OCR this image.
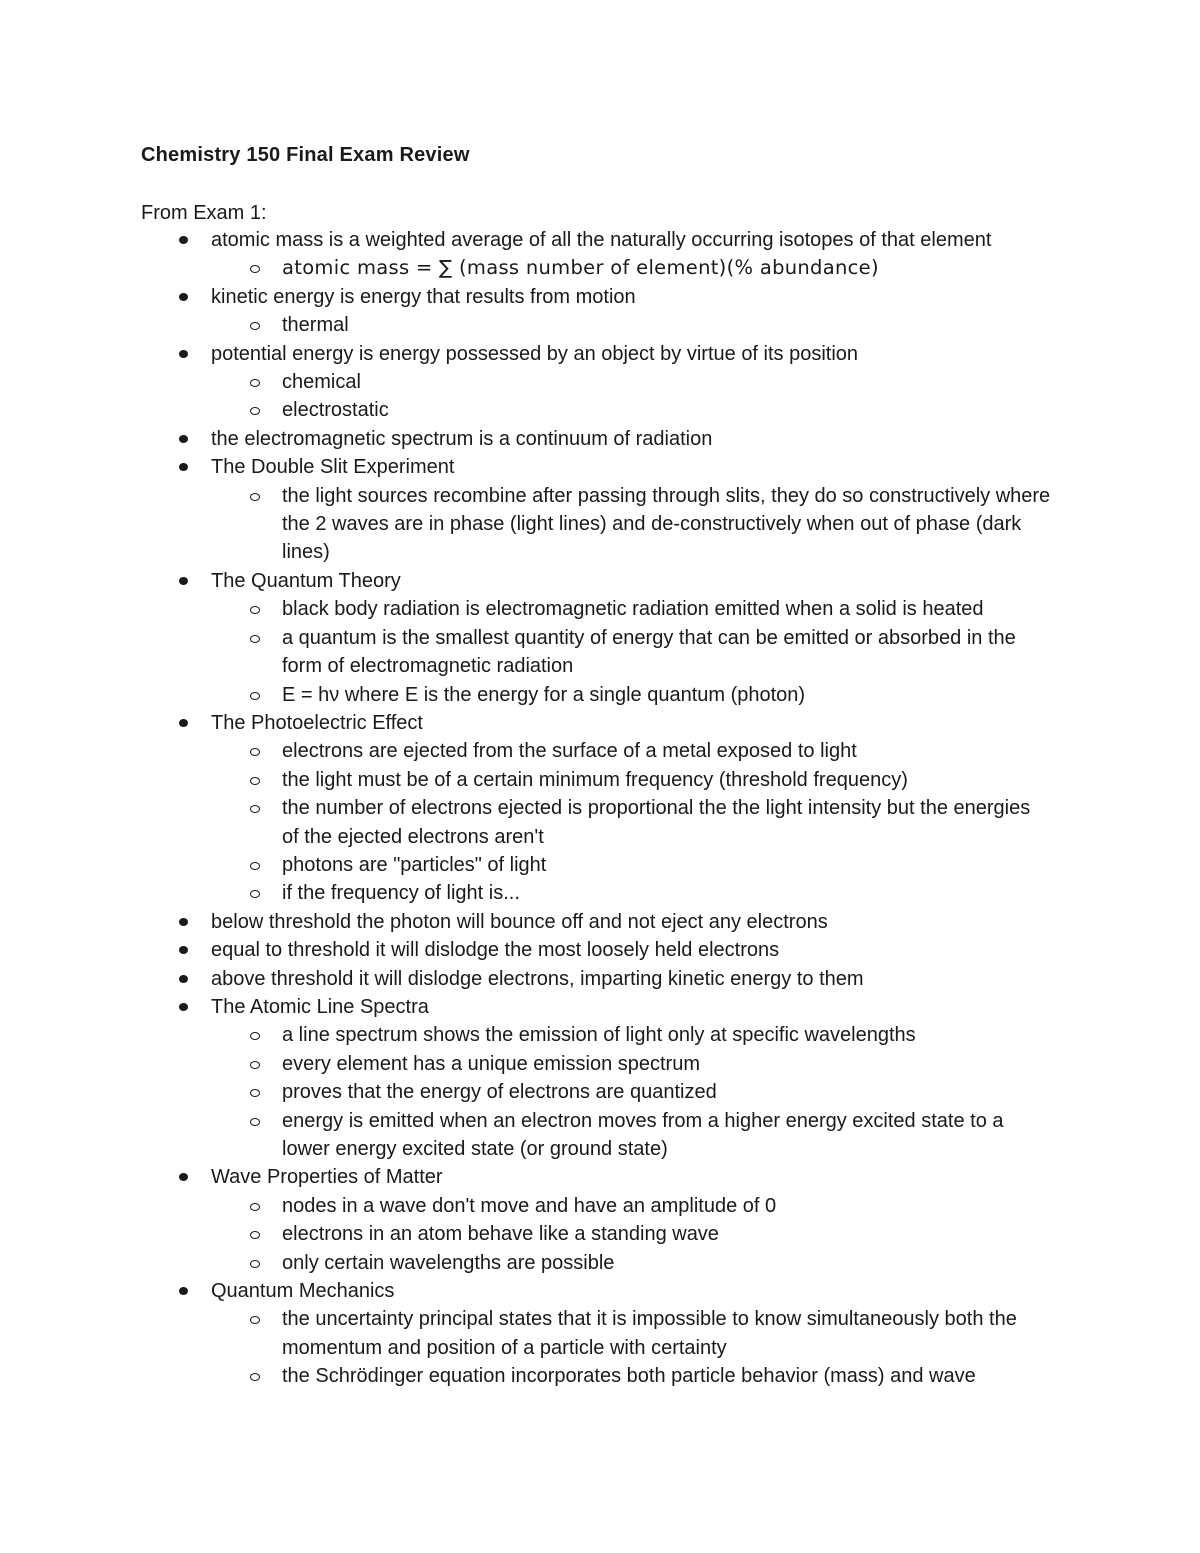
Chemistry 150 Final Exam Review
From Exam 1:
atomic mass is a weighted average of all the naturally occurring isotopes of that element
atomic mass = ∑ (mass number of element)(% abundance)
kinetic energy is energy that results from motion
thermal
potential energy is energy possessed by an object by virtue of its position
chemical
electrostatic
the electromagnetic spectrum is a continuum of radiation
The Double Slit Experiment
the light sources recombine after passing through slits, they do so constructively where the 2 waves are in phase (light lines) and de-constructively when out of phase (dark lines)
The Quantum Theory
black body radiation is electromagnetic radiation emitted when a solid is heated
a quantum is the smallest quantity of energy that can be emitted or absorbed in the form of electromagnetic radiation
E = hν where E is the energy for a single quantum (photon)
The Photoelectric Effect
electrons are ejected from the surface of a metal exposed to light
the light must be of a certain minimum frequency (threshold frequency)
the number of electrons ejected is proportional the the light intensity but the energies of the ejected electrons aren't
photons are "particles" of light
if the frequency of light is...
below threshold the photon will bounce off and not eject any electrons
equal to threshold it will dislodge the most loosely held electrons
above threshold it will dislodge electrons, imparting kinetic energy to them
The Atomic Line Spectra
a line spectrum shows the emission of light only at specific wavelengths
every element has a unique emission spectrum
proves that the energy of electrons are quantized
energy is emitted when an electron moves from a higher energy excited state to a lower energy excited state (or ground state)
Wave Properties of Matter
nodes in a wave don't move and have an amplitude of 0
electrons in an atom behave like a standing wave
only certain wavelengths are possible
Quantum Mechanics
the uncertainty principal states that it is impossible to know simultaneously both the momentum and position of a particle with certainty
the Schrödinger equation incorporates both particle behavior (mass) and wave
